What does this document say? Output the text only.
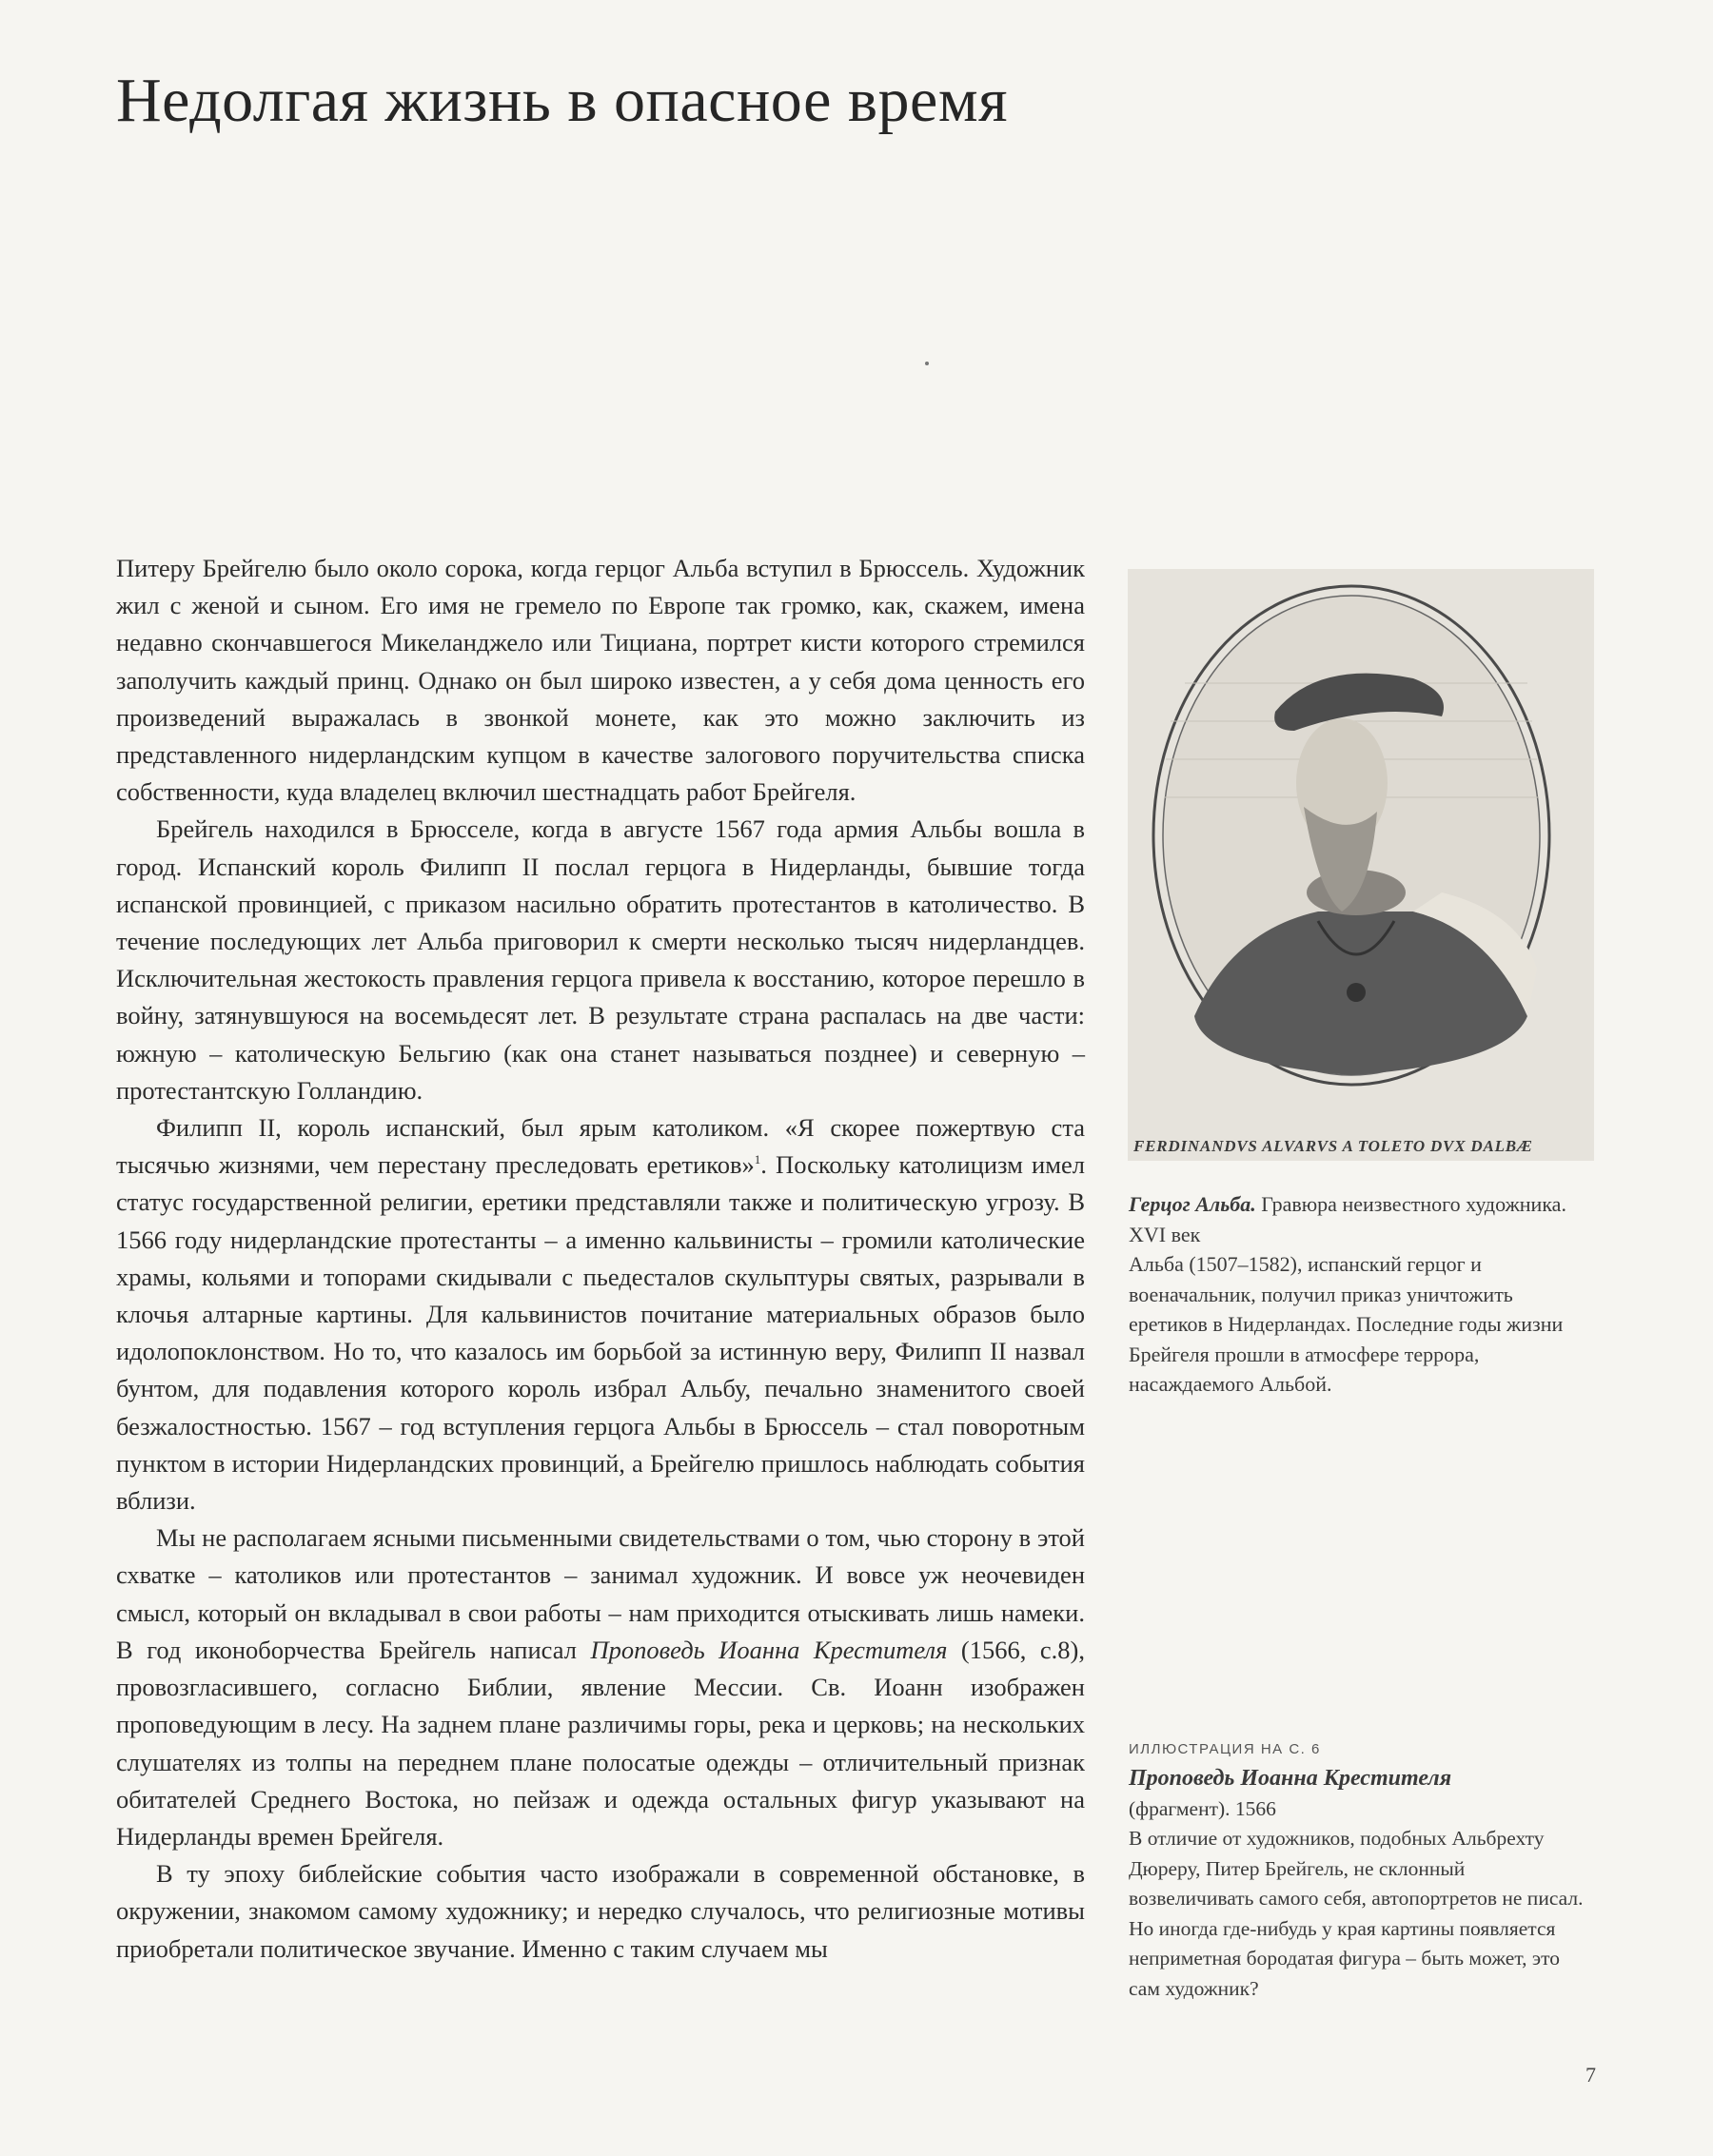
Недолгая жизнь в опасное время

Питеру Брейгелю было около сорока, когда герцог Альба вступил в Брюссель. Художник жил с женой и сыном. Его имя не гремело по Европе так громко, как, скажем, имена недавно скончавшегося Микеланджело или Тициана, портрет кисти которого стремился заполучить каждый принц. Однако он был широко известен, а у себя дома ценность его произведений выражалась в звонкой монете, как это можно заключить из представленного нидерландским купцом в качестве залогового поручительства списка собственности, куда владелец включил шестнадцать работ Брейгеля.

Брейгель находился в Брюсселе, когда в августе 1567 года армия Альбы вошла в город. Испанский король Филипп II послал герцога в Нидерланды, бывшие тогда испанской провинцией, с приказом насильно обратить протестантов в католичество. В течение последующих лет Альба приговорил к смерти несколько тысяч нидерландцев. Исключительная жестокость правления герцога привела к восстанию, которое перешло в войну, затянувшуюся на восемьдесят лет. В результате страна распалась на две части: южную – католическую Бельгию (как она станет называться позднее) и северную – протестантскую Голландию.

Филипп II, король испанский, был ярым католиком. «Я скорее пожертвую ста тысячью жизнями, чем перестану преследовать еретиков»$^1$. Поскольку католицизм имел статус государственной религии, еретики представляли также и политическую угрозу. В 1566 году нидерландские протестанты – а именно кальвинисты – громили католические храмы, кольями и топорами скидывали с пьедесталов скульптуры святых, разрывали в клочья алтарные картины. Для кальвинистов почитание материальных образов было идолопоклонством. Но то, что казалось им борьбой за истинную веру, Филипп II назвал бунтом, для подавления которого король избрал Альбу, печально знаменитого своей безжалостностью. 1567 – год вступления герцога Альбы в Брюссель – стал поворотным пунктом в истории Нидерландских провинций, а Брейгелю пришлось наблюдать события вблизи.

Мы не располагаем ясными письменными свидетельствами о том, чью сторону в этой схватке – католиков или протестантов – занимал художник. И вовсе уж неочевиден смысл, который он вкладывал в свои работы – нам приходится отыскивать лишь намеки. В год иконоборчества Брейгель написал Проповедь Иоанна Крестителя (1566, с.8), провозгласившего, согласно Библии, явление Мессии. Св. Иоанн изображен проповедующим в лесу. На заднем плане различимы горы, река и церковь; на нескольких слушателях из толпы на переднем плане полосатые одежды – отличительный признак обитателей Среднего Востока, но пейзаж и одежда остальных фигур указывают на Нидерланды времен Брейгеля.

В ту эпоху библейские события часто изображали в современной обстановке, в окружении, знакомом самому художнику; и нередко случалось, что религиозные мотивы приобретали политическое звучание. Именно с таким случаем мы

FERDINANDVS ALVARVS A TOLETO DVX DALBÆ
Герцог Альба. Гравюра неизвестного художника. XVI век
Альба (1507–1582), испанский герцог и военачальник, получил приказ уничтожить еретиков в Нидерландах. Последние годы жизни Брейгеля прошли в атмосфере террора, насаждаемого Альбой.
ИЛЛЮСТРАЦИЯ НА С. 6
Проповедь Иоанна Крестителя
(фрагмент). 1566
В отличие от художников, подобных Альбрехту Дюреру, Питер Брейгель, не склонный возвеличивать самого себя, автопортретов не писал. Но иногда где-нибудь у края картины появляется неприметная бородатая фигура – быть может, это сам художник?
7
